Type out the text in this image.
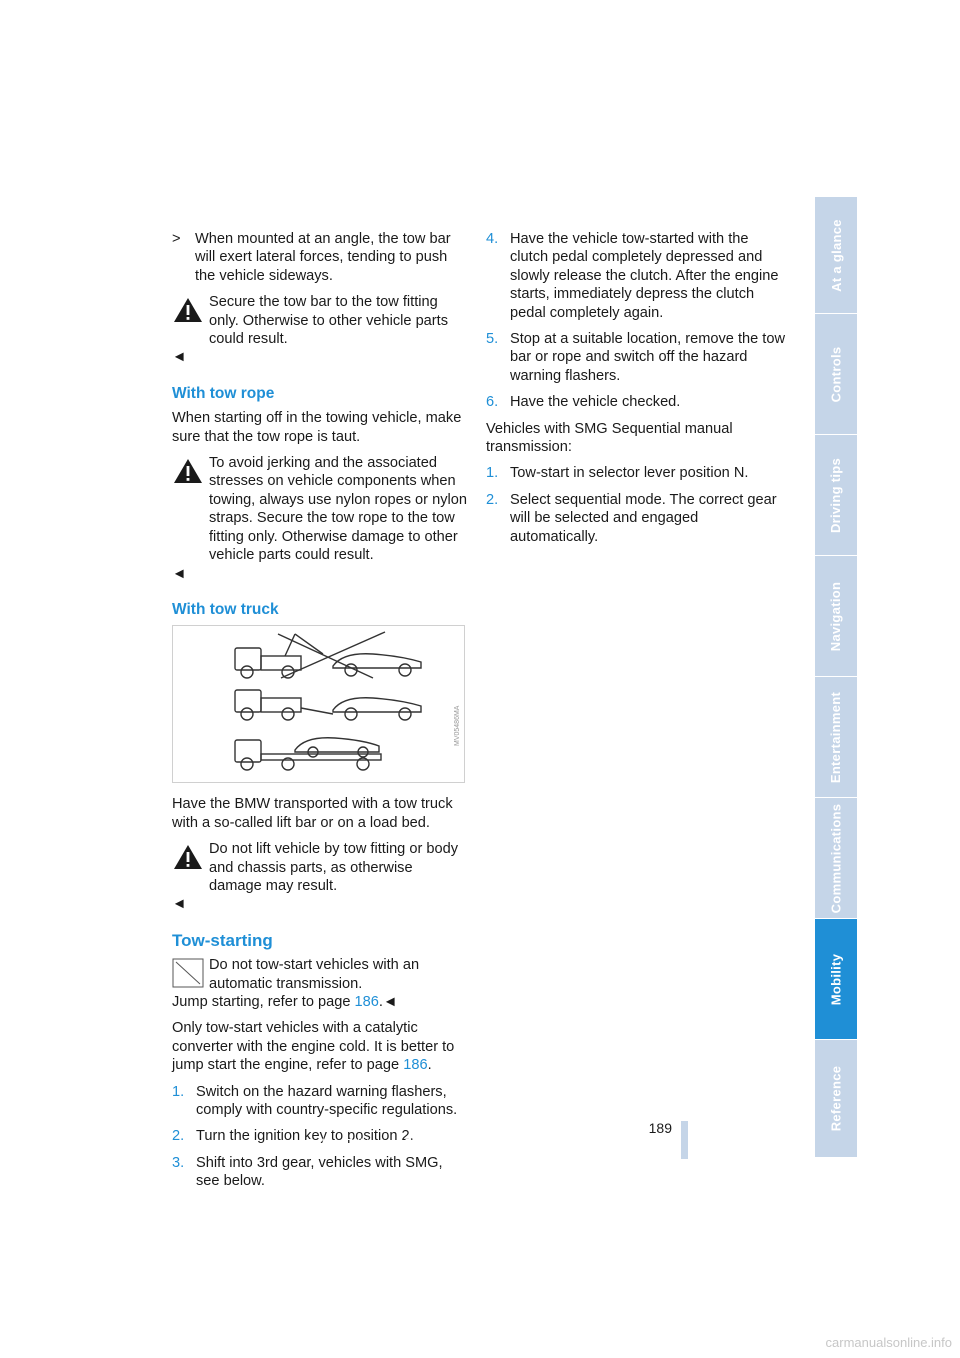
> When mounted at an angle, the tow bar will exert lateral forces, tending to push the vehicle sideways.
Secure the tow bar to the tow fitting only. Otherwise to other vehicle parts could result.
◄
With tow rope

When starting off in the towing vehicle, make sure that the tow rope is taut.

To avoid jerking and the associated stresses on vehicle components when towing, always use nylon ropes or nylon straps. Secure the tow rope to the tow fitting only. Otherwise damage to other vehicle parts could result.
◄
With tow truck
MV05486MA

Have the BMW transported with a tow truck with a so-called lift bar or on a load bed.

Do not lift vehicle by tow fitting or body and chassis parts, as otherwise damage may result.
◄
Tow-starting
Do not tow-start vehicles with an automatic transmission.
Jump starting, refer to page 186.◄

Only tow-start vehicles with a catalytic converter with the engine cold. It is better to jump start the engine, refer to page 186.

1. Switch on the hazard warning flashers, comply with country-specific regulations.
2. Turn the ignition key to position 2.
3. Shift into 3rd gear, vehicles with SMG, see below.
4. Have the vehicle tow-started with the clutch pedal completely depressed and slowly release the clutch. After the engine starts, immediately depress the clutch pedal completely again.
5. Stop at a suitable location, remove the tow bar or rope and switch off the hazard warning flashers.
6. Have the vehicle checked.

Vehicles with SMG Sequential manual transmission:

1. Tow-start in selector lever position N.
2. Select sequential mode. The correct gear will be selected and engaged automatically.
At a glance
Controls
Driving tips
Navigation
Entertainment
Communications
Mobility
Reference
189
Online Edition for Part-No. 01 41 0 158 445 - © 09/04 BMW AG
carmanualsonline.info
